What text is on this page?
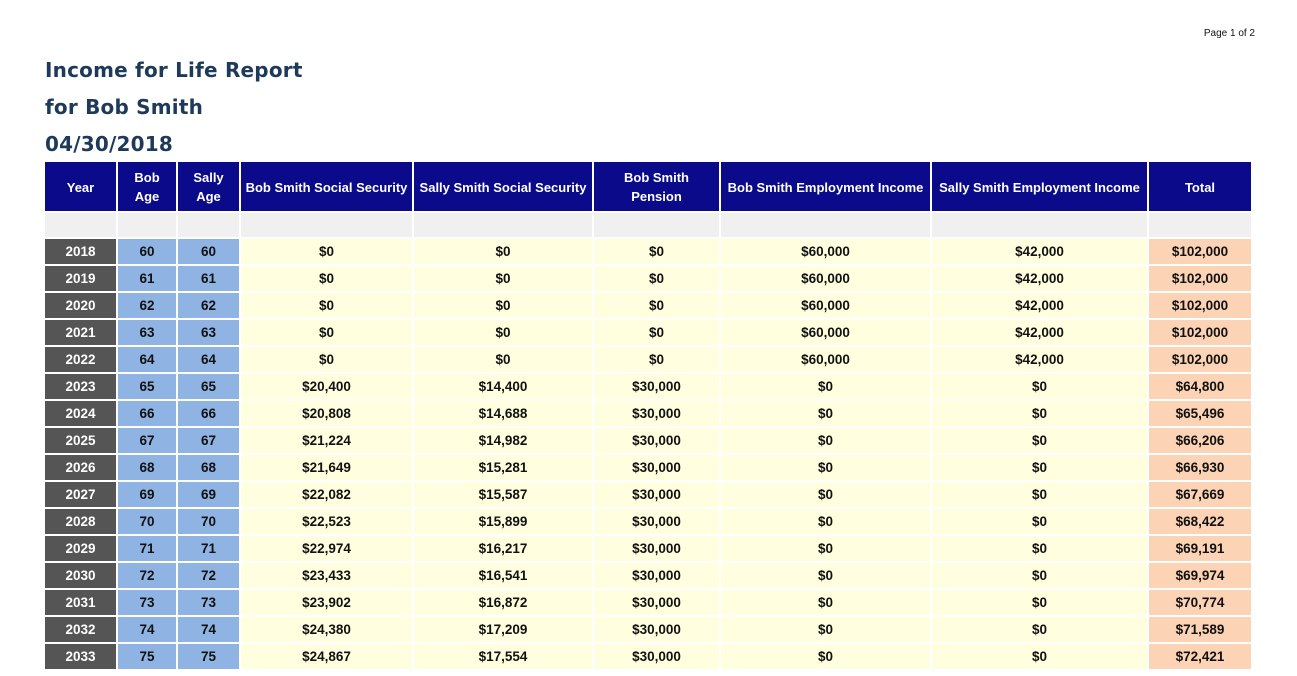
Page 1 of 2
Income for Life Report
for Bob Smith
04/30/2018
Year	Bob Age	Sally Age	Bob Smith Social Security	Sally Smith Social Security	Bob Smith Pension	Bob Smith Employment Income	Sally Smith Employment Income	Total

2018	60	60	$0	$0	$0	$60,000	$42,000	$102,000
2019	61	61	$0	$0	$0	$60,000	$42,000	$102,000
2020	62	62	$0	$0	$0	$60,000	$42,000	$102,000
2021	63	63	$0	$0	$0	$60,000	$42,000	$102,000
2022	64	64	$0	$0	$0	$60,000	$42,000	$102,000
2023	65	65	$20,400	$14,400	$30,000	$0	$0	$64,800
2024	66	66	$20,808	$14,688	$30,000	$0	$0	$65,496
2025	67	67	$21,224	$14,982	$30,000	$0	$0	$66,206
2026	68	68	$21,649	$15,281	$30,000	$0	$0	$66,930
2027	69	69	$22,082	$15,587	$30,000	$0	$0	$67,669
2028	70	70	$22,523	$15,899	$30,000	$0	$0	$68,422
2029	71	71	$22,974	$16,217	$30,000	$0	$0	$69,191
2030	72	72	$23,433	$16,541	$30,000	$0	$0	$69,974
2031	73	73	$23,902	$16,872	$30,000	$0	$0	$70,774
2032	74	74	$24,380	$17,209	$30,000	$0	$0	$71,589
2033	75	75	$24,867	$17,554	$30,000	$0	$0	$72,421
